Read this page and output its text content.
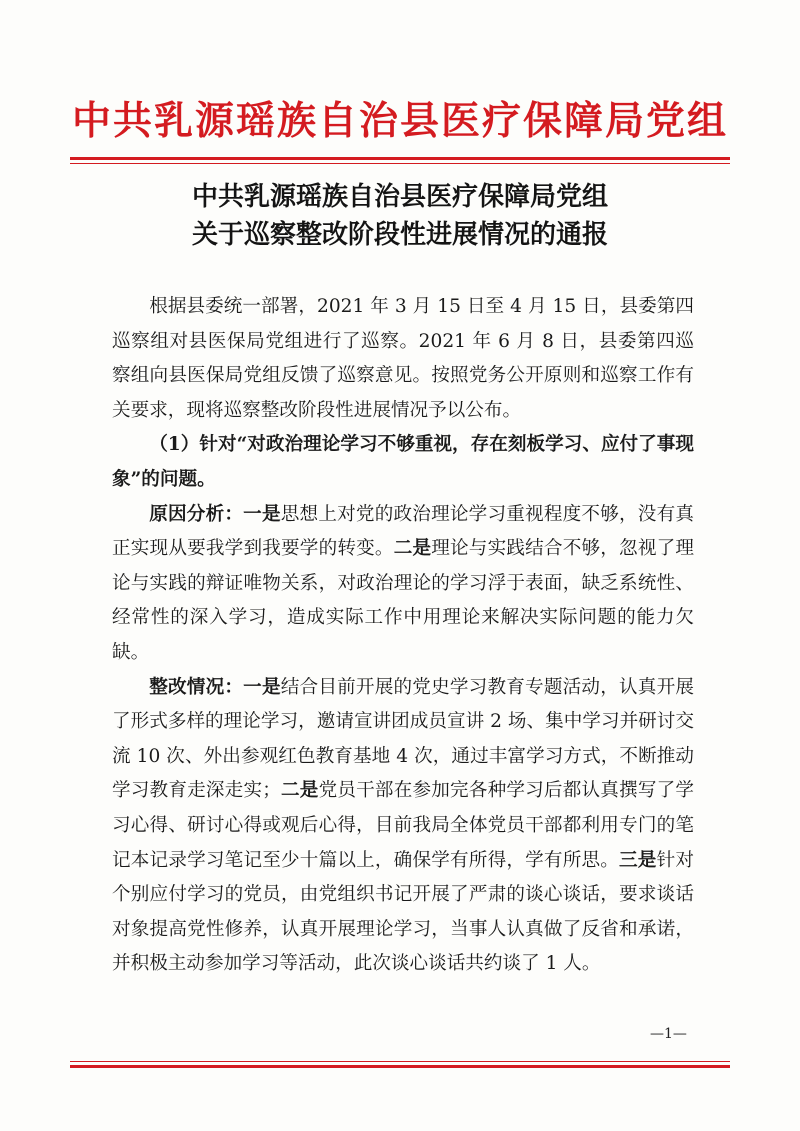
中共乳源瑶族自治县医疗保障局党组
中共乳源瑶族自治县医疗保障局党组
关于巡察整改阶段性进展情况的通报

根据县委统一部署，2021 年 3 月 15 日至 4 月 15 日，县委第四巡察组对县医保局党组进行了巡察。2021 年 6 月 8 日，县委第四巡察组向县医保局党组反馈了巡察意见。按照党务公开原则和巡察工作有关要求，现将巡察整改阶段性进展情况予以公布。

（1）针对“对政治理论学习不够重视，存在刻板学习、应付了事现象”的问题。

原因分析：一是思想上对党的政治理论学习重视程度不够，没有真正实现从要我学到我要学的转变。二是理论与实践结合不够，忽视了理论与实践的辩证唯物关系，对政治理论的学习浮于表面，缺乏系统性、经常性的深入学习，造成实际工作中用理论来解决实际问题的能力欠缺。

整改情况：一是结合目前开展的党史学习教育专题活动，认真开展了形式多样的理论学习，邀请宣讲团成员宣讲 2 场、集中学习并研讨交流 10 次、外出参观红色教育基地 4 次，通过丰富学习方式，不断推动学习教育走深走实；二是党员干部在参加完各种学习后都认真撰写了学习心得、研讨心得或观后心得，目前我局全体党员干部都利用专门的笔记本记录学习笔记至少十篇以上，确保学有所得，学有所思。三是针对个别应付学习的党员，由党组织书记开展了严肃的谈心谈话，要求谈话对象提高党性修养，认真开展理论学习，当事人认真做了反省和承诺，并积极主动参加学习等活动，此次谈心谈话共约谈了 1 人。

—1—
